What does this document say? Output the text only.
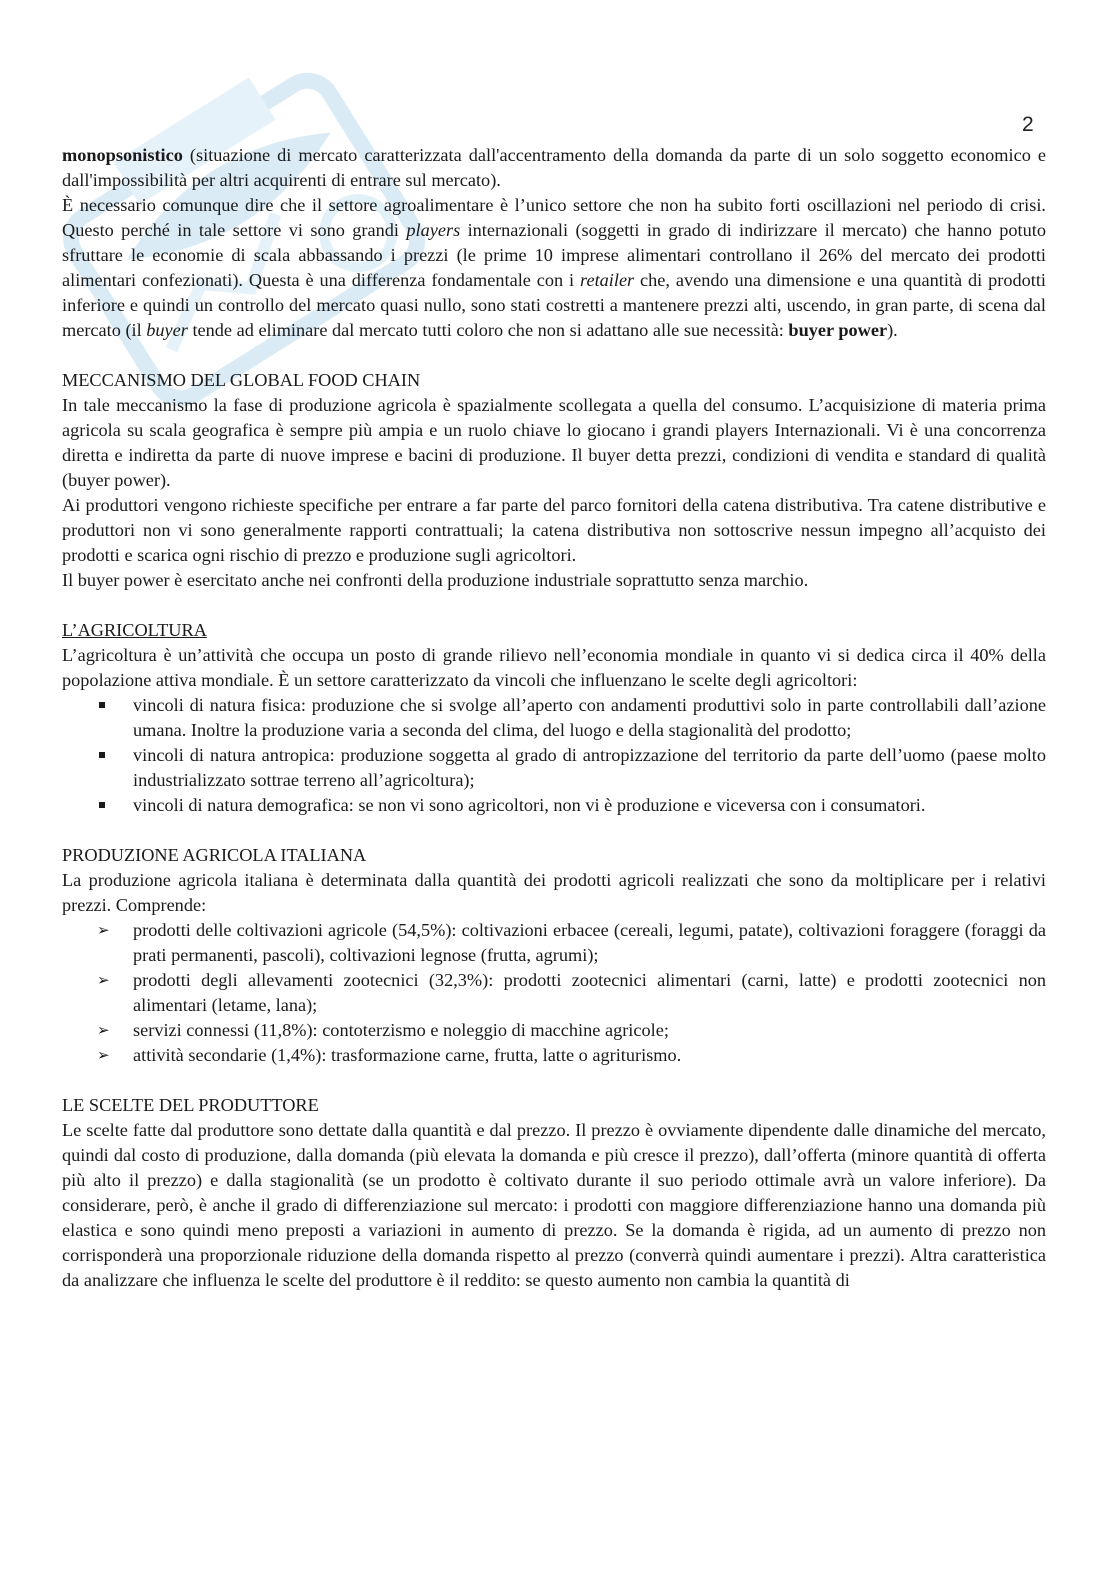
2

monopsonistico (situazione di mercato caratterizzata dall'accentramento della domanda da parte di un solo soggetto economico e dall'impossibilità per altri acquirenti di entrare sul mercato).

È necessario comunque dire che il settore agroalimentare è l’unico settore che non ha subito forti oscillazioni nel periodo di crisi. Questo perché in tale settore vi sono grandi players internazionali (soggetti in grado di indirizzare il mercato) che hanno potuto sfruttare le economie di scala abbassando i prezzi (le prime 10 imprese alimentari controllano il 26% del mercato dei prodotti alimentari confezionati). Questa è una differenza fondamentale con i retailer che, avendo una dimensione e una quantità di prodotti inferiore e quindi un controllo del mercato quasi nullo, sono stati costretti a mantenere prezzi alti, uscendo, in gran parte, di scena dal mercato (il buyer tende ad eliminare dal mercato tutti coloro che non si adattano alle sue necessità: buyer power).

MECCANISMO DEL GLOBAL FOOD CHAIN

In tale meccanismo la fase di produzione agricola è spazialmente scollegata a quella del consumo. L’acquisizione di materia prima agricola su scala geografica è sempre più ampia e un ruolo chiave lo giocano i grandi players Internazionali. Vi è una concorrenza diretta e indiretta da parte di nuove imprese e bacini di produzione. Il buyer detta prezzi, condizioni di vendita e standard di qualità (buyer power).

Ai produttori vengono richieste specifiche per entrare a far parte del parco fornitori della catena distributiva. Tra catene distributive e produttori non vi sono generalmente rapporti contrattuali; la catena distributiva non sottoscrive nessun impegno all’acquisto dei prodotti e scarica ogni rischio di prezzo e produzione sugli agricoltori.

Il buyer power è esercitato anche nei confronti della produzione industriale soprattutto senza marchio.

L’AGRICOLTURA

L’agricoltura è un’attività che occupa un posto di grande rilievo nell’economia mondiale in quanto vi si dedica circa il 40% della popolazione attiva mondiale. È un settore caratterizzato da vincoli che influenzano le scelte degli agricoltori:

vincoli di natura fisica: produzione che si svolge all’aperto con andamenti produttivi solo in parte controllabili dall’azione umana. Inoltre la produzione varia a seconda del clima, del luogo e della stagionalità del prodotto;
vincoli di natura antropica: produzione soggetta al grado di antropizzazione del territorio da parte dell’uomo (paese molto industrializzato sottrae terreno all’agricoltura);
vincoli di natura demografica: se non vi sono agricoltori, non vi è produzione e viceversa con i consumatori.
PRODUZIONE AGRICOLA ITALIANA

La produzione agricola italiana è determinata dalla quantità dei prodotti agricoli realizzati che sono da moltiplicare per i relativi prezzi. Comprende:

➢ prodotti delle coltivazioni agricole (54,5%): coltivazioni erbacee (cereali, legumi, patate), coltivazioni foraggere (foraggi da prati permanenti, pascoli), coltivazioni legnose (frutta, agrumi);
➢ prodotti degli allevamenti zootecnici (32,3%): prodotti zootecnici alimentari (carni, latte) e prodotti zootecnici non alimentari (letame, lana);
➢ servizi connessi (11,8%): contoterzismo e noleggio di macchine agricole;
➢ attività secondarie (1,4%): trasformazione carne, frutta, latte o agriturismo.
LE SCELTE DEL PRODUTTORE

Le scelte fatte dal produttore sono dettate dalla quantità e dal prezzo. Il prezzo è ovviamente dipendente dalle dinamiche del mercato, quindi dal costo di produzione, dalla domanda (più elevata la domanda e più cresce il prezzo), dall’offerta (minore quantità di offerta più alto il prezzo) e dalla stagionalità (se un prodotto è coltivato durante il suo periodo ottimale avrà un valore inferiore). Da considerare, però, è anche il grado di differenziazione sul mercato: i prodotti con maggiore differenziazione hanno una domanda più elastica e sono quindi meno preposti a variazioni in aumento di prezzo. Se la domanda è rigida, ad un aumento di prezzo non corrisponderà una proporzionale riduzione della domanda rispetto al prezzo (converrà quindi aumentare i prezzi). Altra caratteristica da analizzare che influenza le scelte del produttore è il reddito: se questo aumento non cambia la quantità di
